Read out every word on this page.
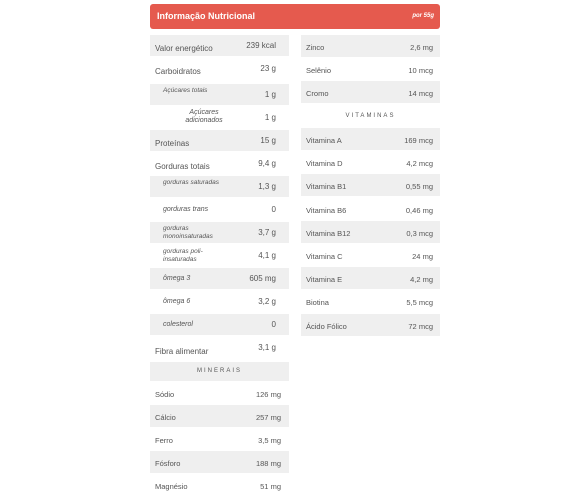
Informação Nutricional	por 55g
Valor energético	239 kcal
Carboidratos	23 g
Açúcares totais	1 g
Açúcares adicionados	1 g
Proteínas	15 g
Gorduras totais	9,4 g
gorduras saturadas	1,3 g
gorduras trans	0
gorduras monoinsaturadas	3,7 g
gorduras poli-insaturadas	4,1 g
ômega 3	605 mg
ômega 6	3,2 g
colesterol	0
Fibra alimentar	3,1 g
MINERAIS
Sódio	126 mg
Cálcio	257 mg
Ferro	3,5 mg
Fósforo	188 mg
Magnésio	51 mg
Zinco	2,6 mg
Selênio	10 mcg
Cromo	14 mcg
VITAMINAS
Vitamina A	169 mcg
Vitamina D	4,2 mcg
Vitamina B1	0,55 mg
Vitamina B6	0,46 mg
Vitamina B12	0,3 mcg
Vitamina C	24 mg
Vitamina E	4,2 mg
Biotina	5,5 mcg
Ácido Fólico	72 mcg
